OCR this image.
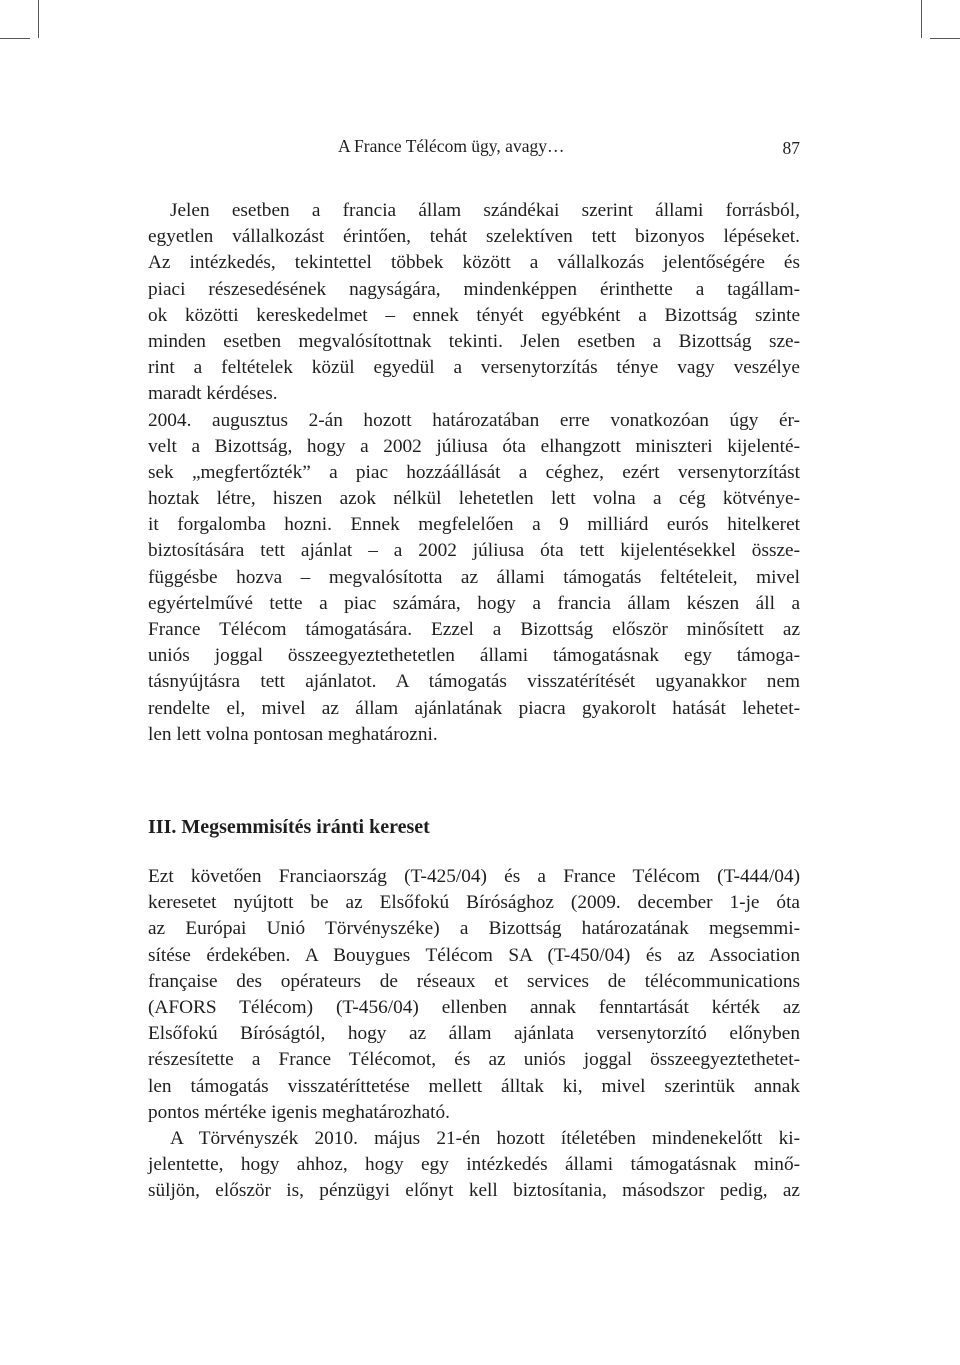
A France Télécom ügy, avagy…	87
Jelen esetben a francia állam szándékai szerint állami forrásból,
egyetlen vállalkozást érintően, tehát szelektíven tett bizonyos lépéseket.
Az intézkedés, tekintettel többek között a vállalkozás jelentőségére és
piaci részesedésének nagyságára, mindenképpen érinthette a tagállam-
ok közötti kereskedelmet – ennek tényét egyébként a Bizottság szinte
minden esetben megvalósítottnak tekinti. Jelen esetben a Bizottság sze-
rint a feltételek közül egyedül a versenytorzítás ténye vagy veszélye
maradt kérdéses.
2004. augusztus 2-án hozott határozatában erre vonatkozóan úgy ér-
velt a Bizottság, hogy a 2002 júliusa óta elhangzott miniszteri kijelenté-
sek „megfertőzték” a piac hozzáállását a céghez, ezért versenytorzítást
hoztak létre, hiszen azok nélkül lehetetlen lett volna a cég kötvénye-
it forgalomba hozni. Ennek megfelelően a 9 milliárd eurós hitelkeret
biztosítására tett ajánlat – a 2002 júliusa óta tett kijelentésekkel össze-
függésbe hozva – megvalósította az állami támogatás feltételeit, mivel
egyértelművé tette a piac számára, hogy a francia állam készen áll a
France Télécom támogatására. Ezzel a Bizottság először minősített az
uniós joggal összeegyeztethetetlen állami támogatásnak egy támoga-
tásnyújtásra tett ajánlatot. A támogatás visszatérítését ugyanakkor nem
rendelte el, mivel az állam ajánlatának piacra gyakorolt hatását lehetet-
len lett volna pontosan meghatározni.
III. Megsemmisítés iránti kereset
Ezt követően Franciaország (T-425/04) és a France Télécom (T-444/04)
keresetet nyújtott be az Elsőfokú Bírósághoz (2009. december 1-je óta
az Európai Unió Törvényszéke) a Bizottság határozatának megsemmi-
sítése érdekében. A Bouygues Télécom SA (T-450/04) és az Association
française des opérateurs de réseaux et services de télécommunications
(AFORS Télécom) (T-456/04) ellenben annak fenntartását kérték az
Elsőfokú Bíróságtól, hogy az állam ajánlata versenytorzító előnyben
részesítette a France Télécomot, és az uniós joggal összeegyeztethetet-
len támogatás visszatéríttetése mellett álltak ki, mivel szerintük annak
pontos mértéke igenis meghatározható.
A Törvényszék 2010. május 21-én hozott ítéletében mindenekelőtt ki-
jelentette, hogy ahhoz, hogy egy intézkedés állami támogatásnak minő-
süljön, először is, pénzügyi előnyt kell biztosítania, másodszor pedig, az
